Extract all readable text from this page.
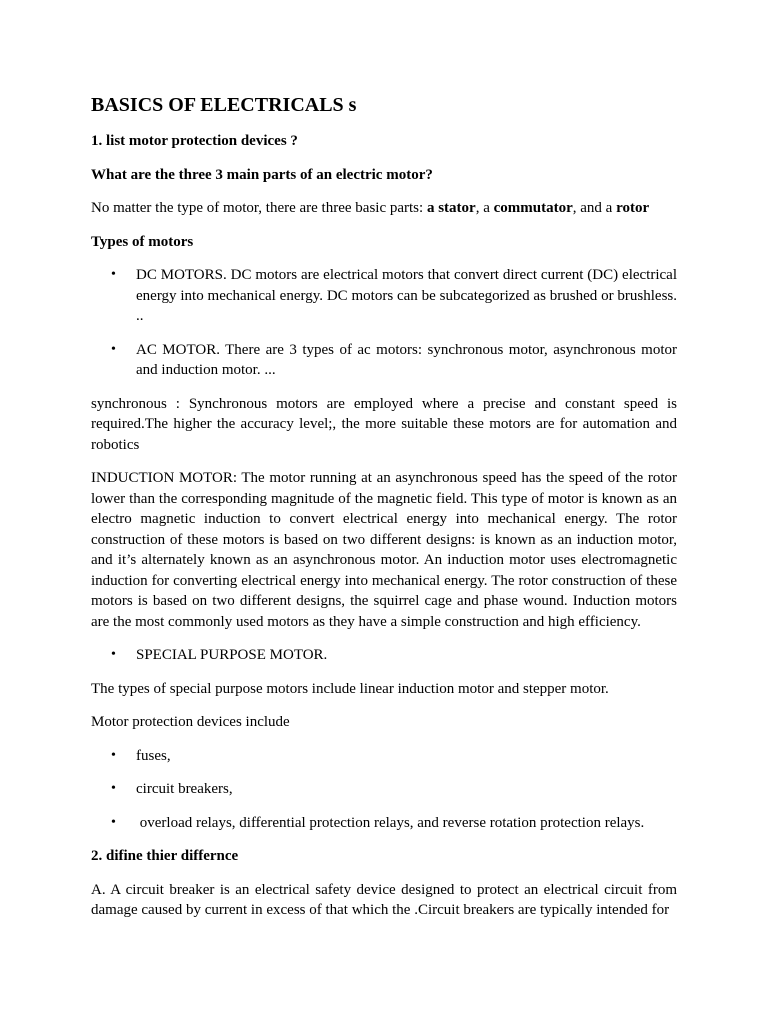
BASICS OF ELECTRICALS s

1. list motor protection devices ?

What are the three 3 main parts of an electric motor?

No matter the type of motor, there are three basic parts: a stator, a commutator, and a rotor

Types of motors

• DC MOTORS. DC motors are electrical motors that convert direct current (DC) electrical energy into mechanical energy. DC motors can be subcategorized as brushed or brushless. ..
• AC MOTOR. There are 3 types of ac motors: synchronous motor, asynchronous motor and induction motor. ...

synchronous : Synchronous motors are employed where a precise and constant speed is required.The higher the accuracy level;, the more suitable these motors are for automation and robotics

INDUCTION MOTOR: The motor running at an asynchronous speed has the speed of the rotor lower than the corresponding magnitude of the magnetic field. This type of motor is known as an electro magnetic induction to convert electrical energy into mechanical energy. The rotor construction of these motors is based on two different designs: is known as an induction motor, and it’s alternately known as an asynchronous motor. An induction motor uses electromagnetic induction for converting electrical energy into mechanical energy. The rotor construction of these motors is based on two different designs, the squirrel cage and phase wound. Induction motors are the most commonly used motors as they have a simple construction and high efficiency.

• SPECIAL PURPOSE MOTOR.

The types of special purpose motors include linear induction motor and stepper motor.

Motor protection devices include

• fuses,
• circuit breakers,
• overload relays, differential protection relays, and reverse rotation protection relays.

2. difine thier differnce

A. A circuit breaker is an electrical safety device designed to protect an electrical circuit from damage caused by current in excess of that which the .Circuit breakers are typically intended for
